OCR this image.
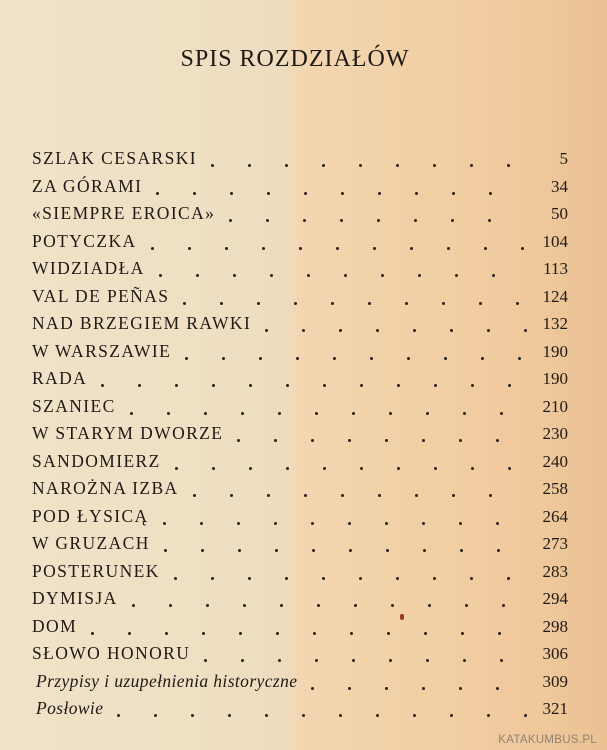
SPIS ROZDZIAŁÓW
SZLAK CESARSKI	5
ZA GÓRAMI	34
«SIEMPRE EROICA»	50
POTYCZKA	104
WIDZIADŁA	113
VAL DE PEÑAS	124
NAD BRZEGIEM RAWKI	132
W WARSZAWIE	190
RADA	190
SZANIEC	210
W STARYM DWORZE	230
SANDOMIERZ	240
NAROŻNA IZBA	258
POD ŁYSICĄ	264
W GRUZACH	273
POSTERUNEK	283
DYMISJA	294
DOM	298
SŁOWO HONORU	306
Przypisy i uzupełnienia historyczne	309
Posłowie	321
KATAKUMBUS.PL
